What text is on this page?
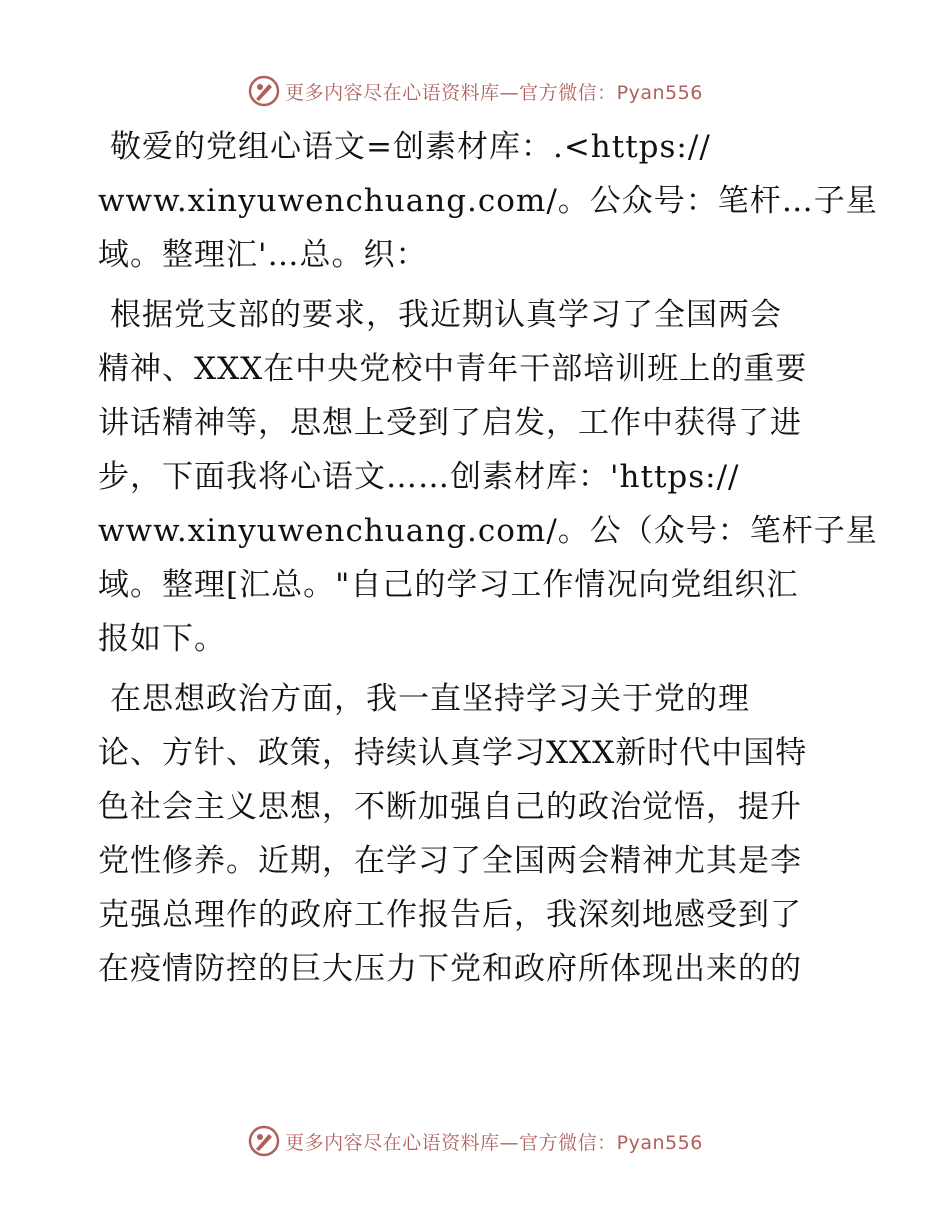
更多内容尽在心语资料库—官方微信：Pyan556
敬爱的党组心语文=创素材库：.<https://
www.xinyuwenchuang.com/。公众号：笔杆…子星
域。整理汇'…总。织：
根据党支部的要求，我近期认真学习了全国两会
精神、XXX在中央党校中青年干部培训班上的重要
讲话精神等，思想上受到了启发，工作中获得了进
步，下面我将心语文……创素材库：'https://
www.xinyuwenchuang.com/。公（众号：笔杆子星
域。整理[汇总。"自己的学习工作情况向党组织汇
报如下。
在思想政治方面，我一直坚持学习关于党的理
论、方针、政策，持续认真学习XXX新时代中国特
色社会主义思想，不断加强自己的政治觉悟，提升
党性修养。近期，在学习了全国两会精神尤其是李
克强总理作的政府工作报告后，我深刻地感受到了
在疫情防控的巨大压力下党和政府所体现出来的的
更多内容尽在心语资料库—官方微信：Pyan556
